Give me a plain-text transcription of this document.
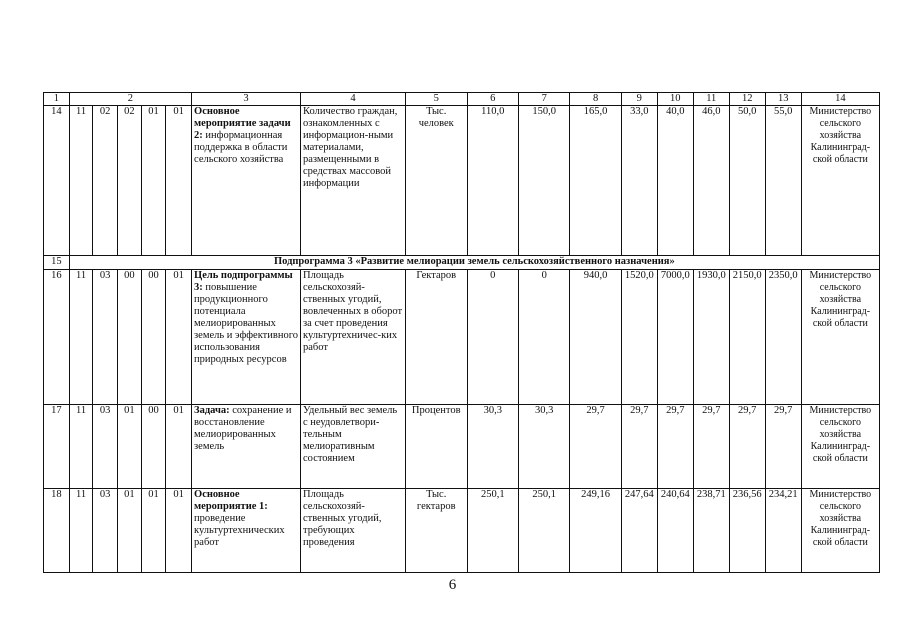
1	2					3	4	5	6	7	8	9	10	11	12	13	14
14	11	02	02	01	01	Основное мероприятие задачи 2: информационная поддержка в области сельского хозяйства	Количество граждан, ознакомленных с информацион-ными материалами, размещенными в средствах массовой информации	Тыс. человек	110,0	150,0	165,0	33,0	40,0	46,0	50,0	55,0	Министерство сельского хозяйства Калининград-ской области
15	Подпрограмма 3 «Развитие мелиорации земель сельскохозяйственного назначения»																
16	11	03	00	00	01	Цель подпрограммы 3: повышение продукционного потенциала мелиорированных земель и эффективного использования природных ресурсов	Площадь сельскохозяй-ственных угодий, вовлеченных в оборот за счет проведения культуртехничес-ких работ	Гектаров	0	0	940,0	1520,0	7000,0	1930,0	2150,0	2350,0	Министерство сельского хозяйства Калининград-ской области
17	11	03	01	00	01	Задача: сохранение и восстановление мелиорированных земель	Удельный вес земель с неудовлетвори-тельным мелиоративным состоянием	Процентов	30,3	30,3	29,7	29,7	29,7	29,7	29,7	29,7	Министерство сельского хозяйства Калининград-ской области
18	11	03	01	01	01	Основное мероприятие 1: проведение культуртехнических работ	Площадь сельскохозяй-ственных угодий, требующих проведения	Тыс. гектаров	250,1	250,1	249,16	247,64	240,64	238,71	236,56	234,21	Министерство сельского хозяйства Калининград-ской области
6
